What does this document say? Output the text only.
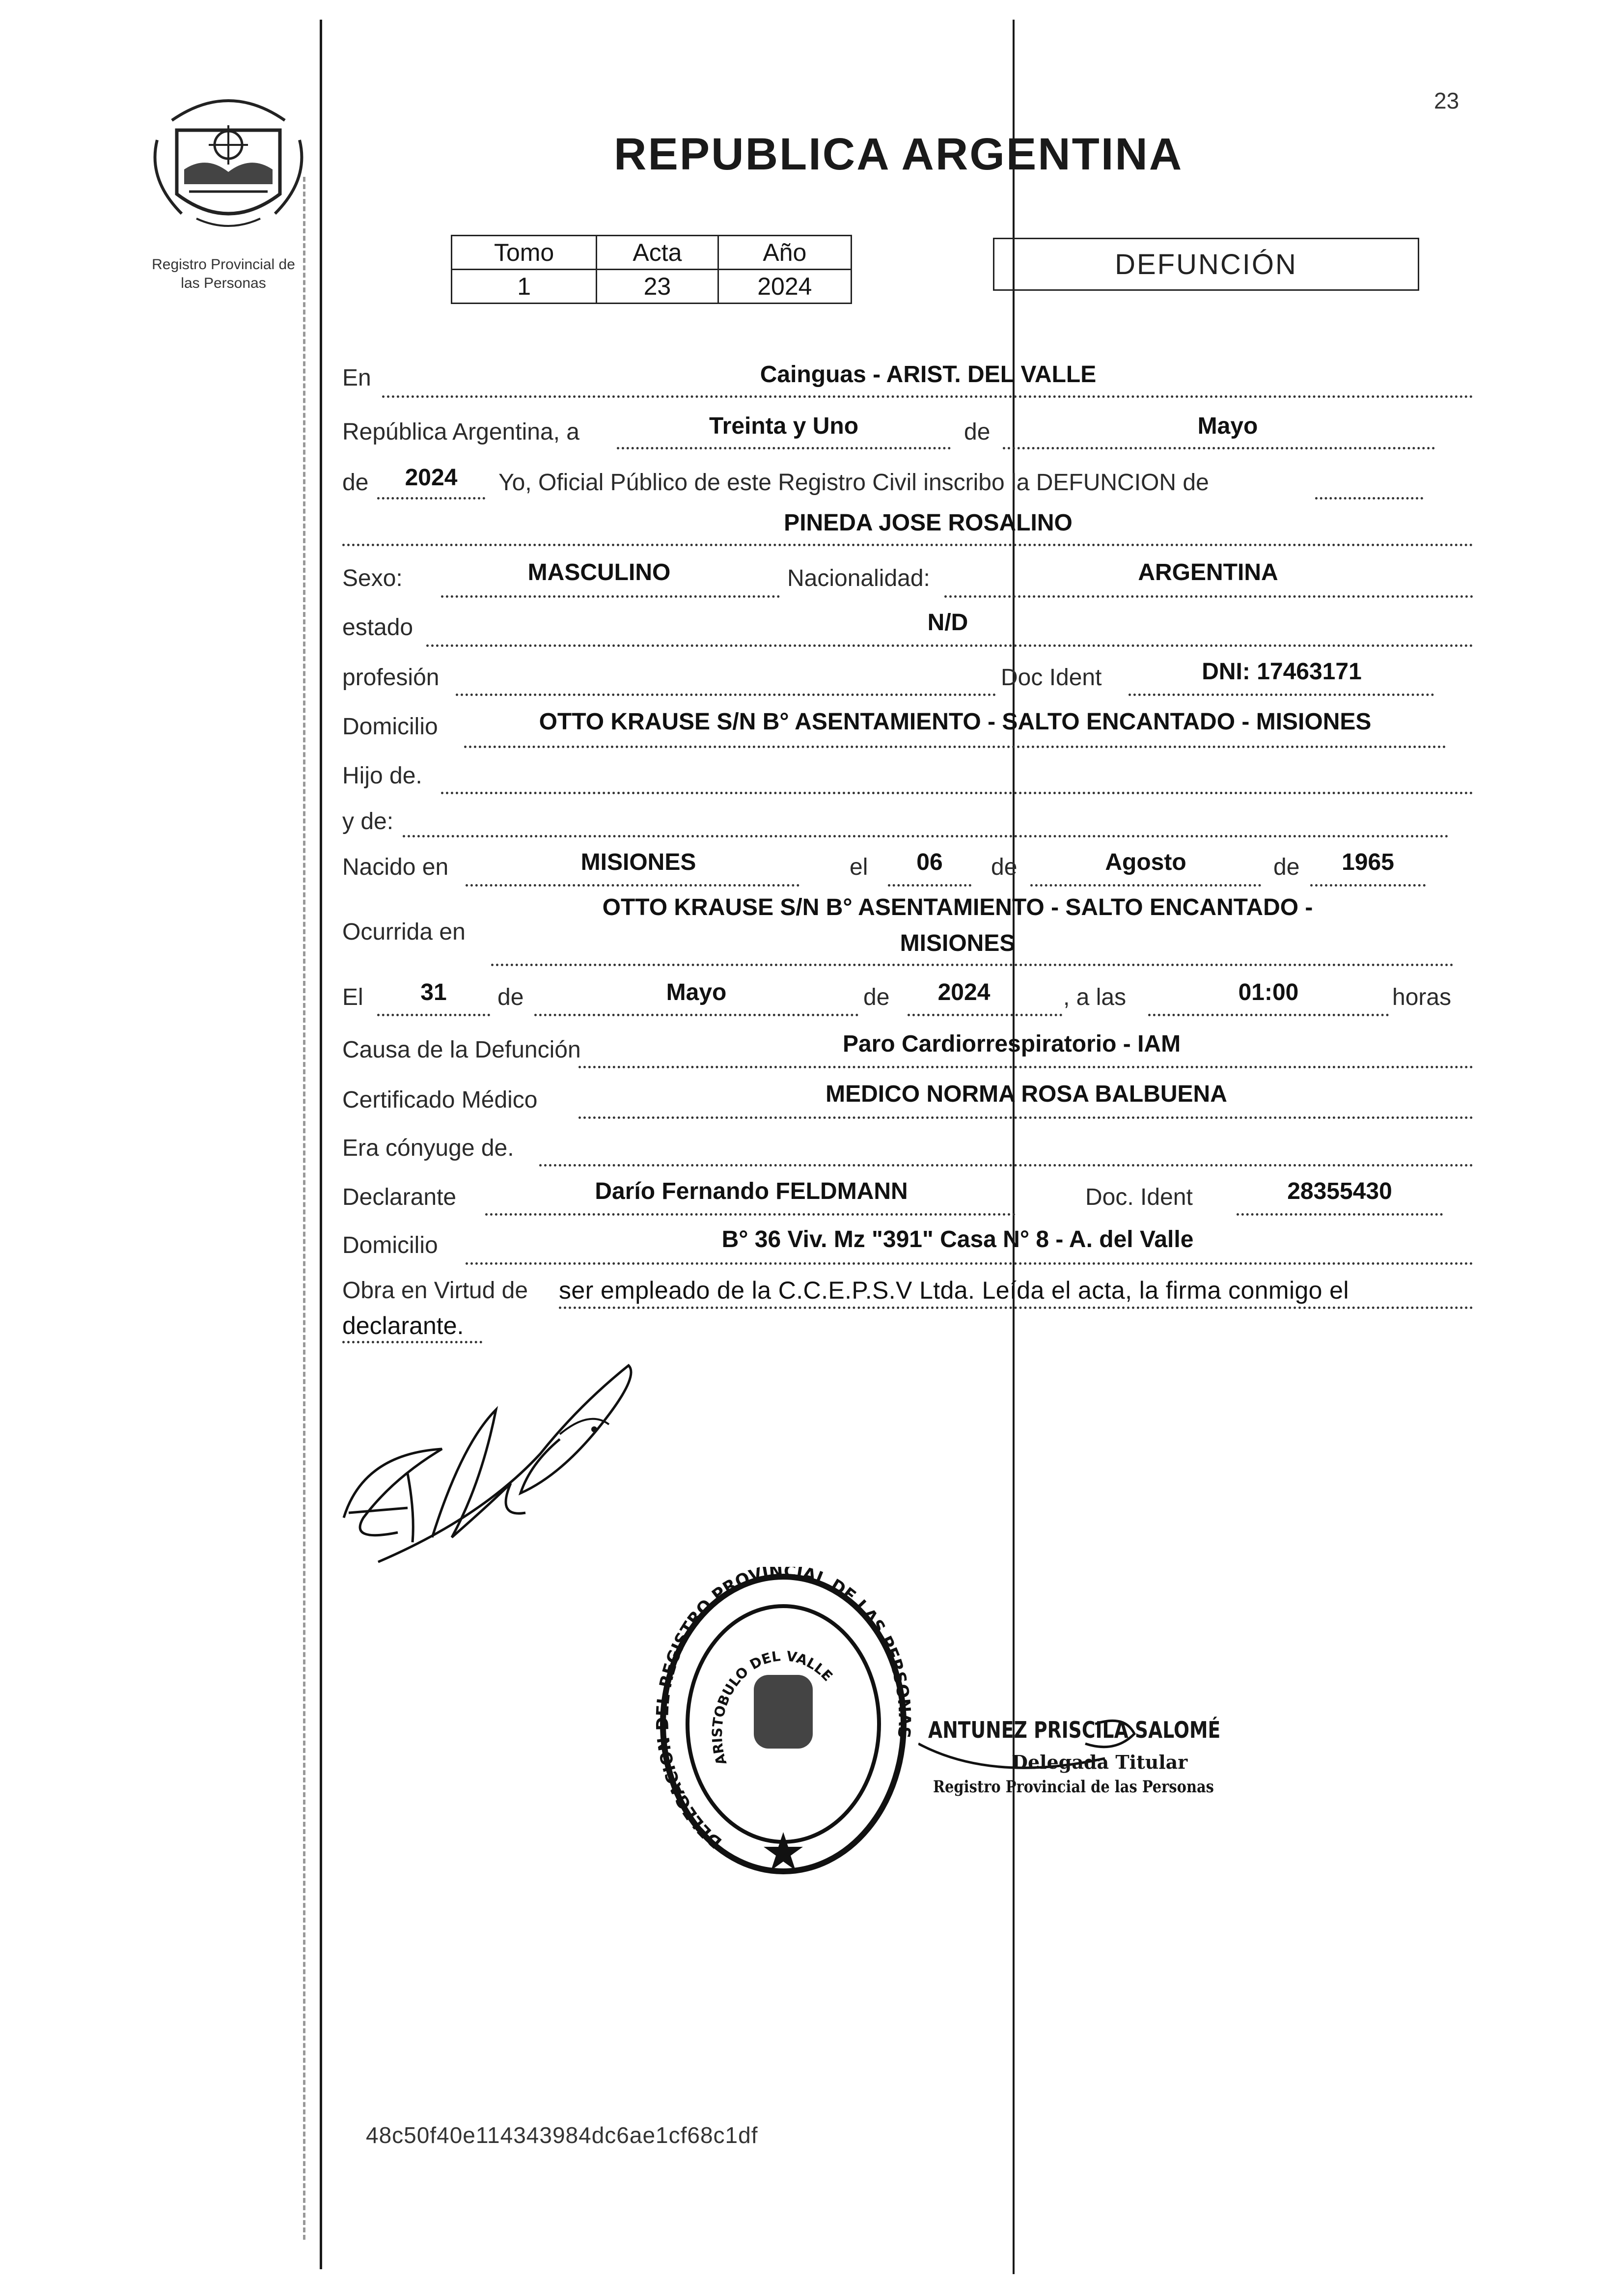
23
Registro Provincial de
las Personas
REPUBLICA ARGENTINA
Tomo	Acta	Año
1	23	2024
DEFUNCIÓN
En	Cainguas - ARIST. DEL VALLE
República Argentina, a	Treinta y Uno	de	Mayo
de	2024	Yo, Oficial Público de este Registro Civil inscribo la DEFUNCION de
PINEDA JOSE ROSALINO
Sexo:	MASCULINO	Nacionalidad:	ARGENTINA
estado	N/D
profesión	Doc Ident	DNI: 17463171
Domicilio	OTTO KRAUSE S/N B° ASENTAMIENTO - SALTO ENCANTADO - MISIONES
Hijo de.
y de:
Nacido en	MISIONES	el	06	de	Agosto	de	1965
Ocurrida en
OTTO KRAUSE S/N B° ASENTAMIENTO - SALTO ENCANTADO -
MISIONES
El	31	de	Mayo	de	2024	, a las	01:00	horas
Causa de la Defunción	Paro Cardiorrespiratorio - IAM
Certificado Médico	MEDICO NORMA ROSA BALBUENA
Era cónyuge de.
Declarante	Darío Fernando FELDMANN	Doc. Ident	28355430
Domicilio	B° 36 Viv. Mz "391" Casa N° 8 - A. del Valle
Obra en Virtud de ser empleado de la C.C.E.P.S.V Ltda. Leída el acta, la firma conmigo el
declarante.
DELEGACION DEL REGISTRO PROVINCIAL DE LAS PERSONAS
ARISTOBULO DEL VALLE
ANTUNEZ PRISCILA SALOMÉ
Delegada Titular
Registro Provincial de las Personas
48c50f40e114343984dc6ae1cf68c1df
